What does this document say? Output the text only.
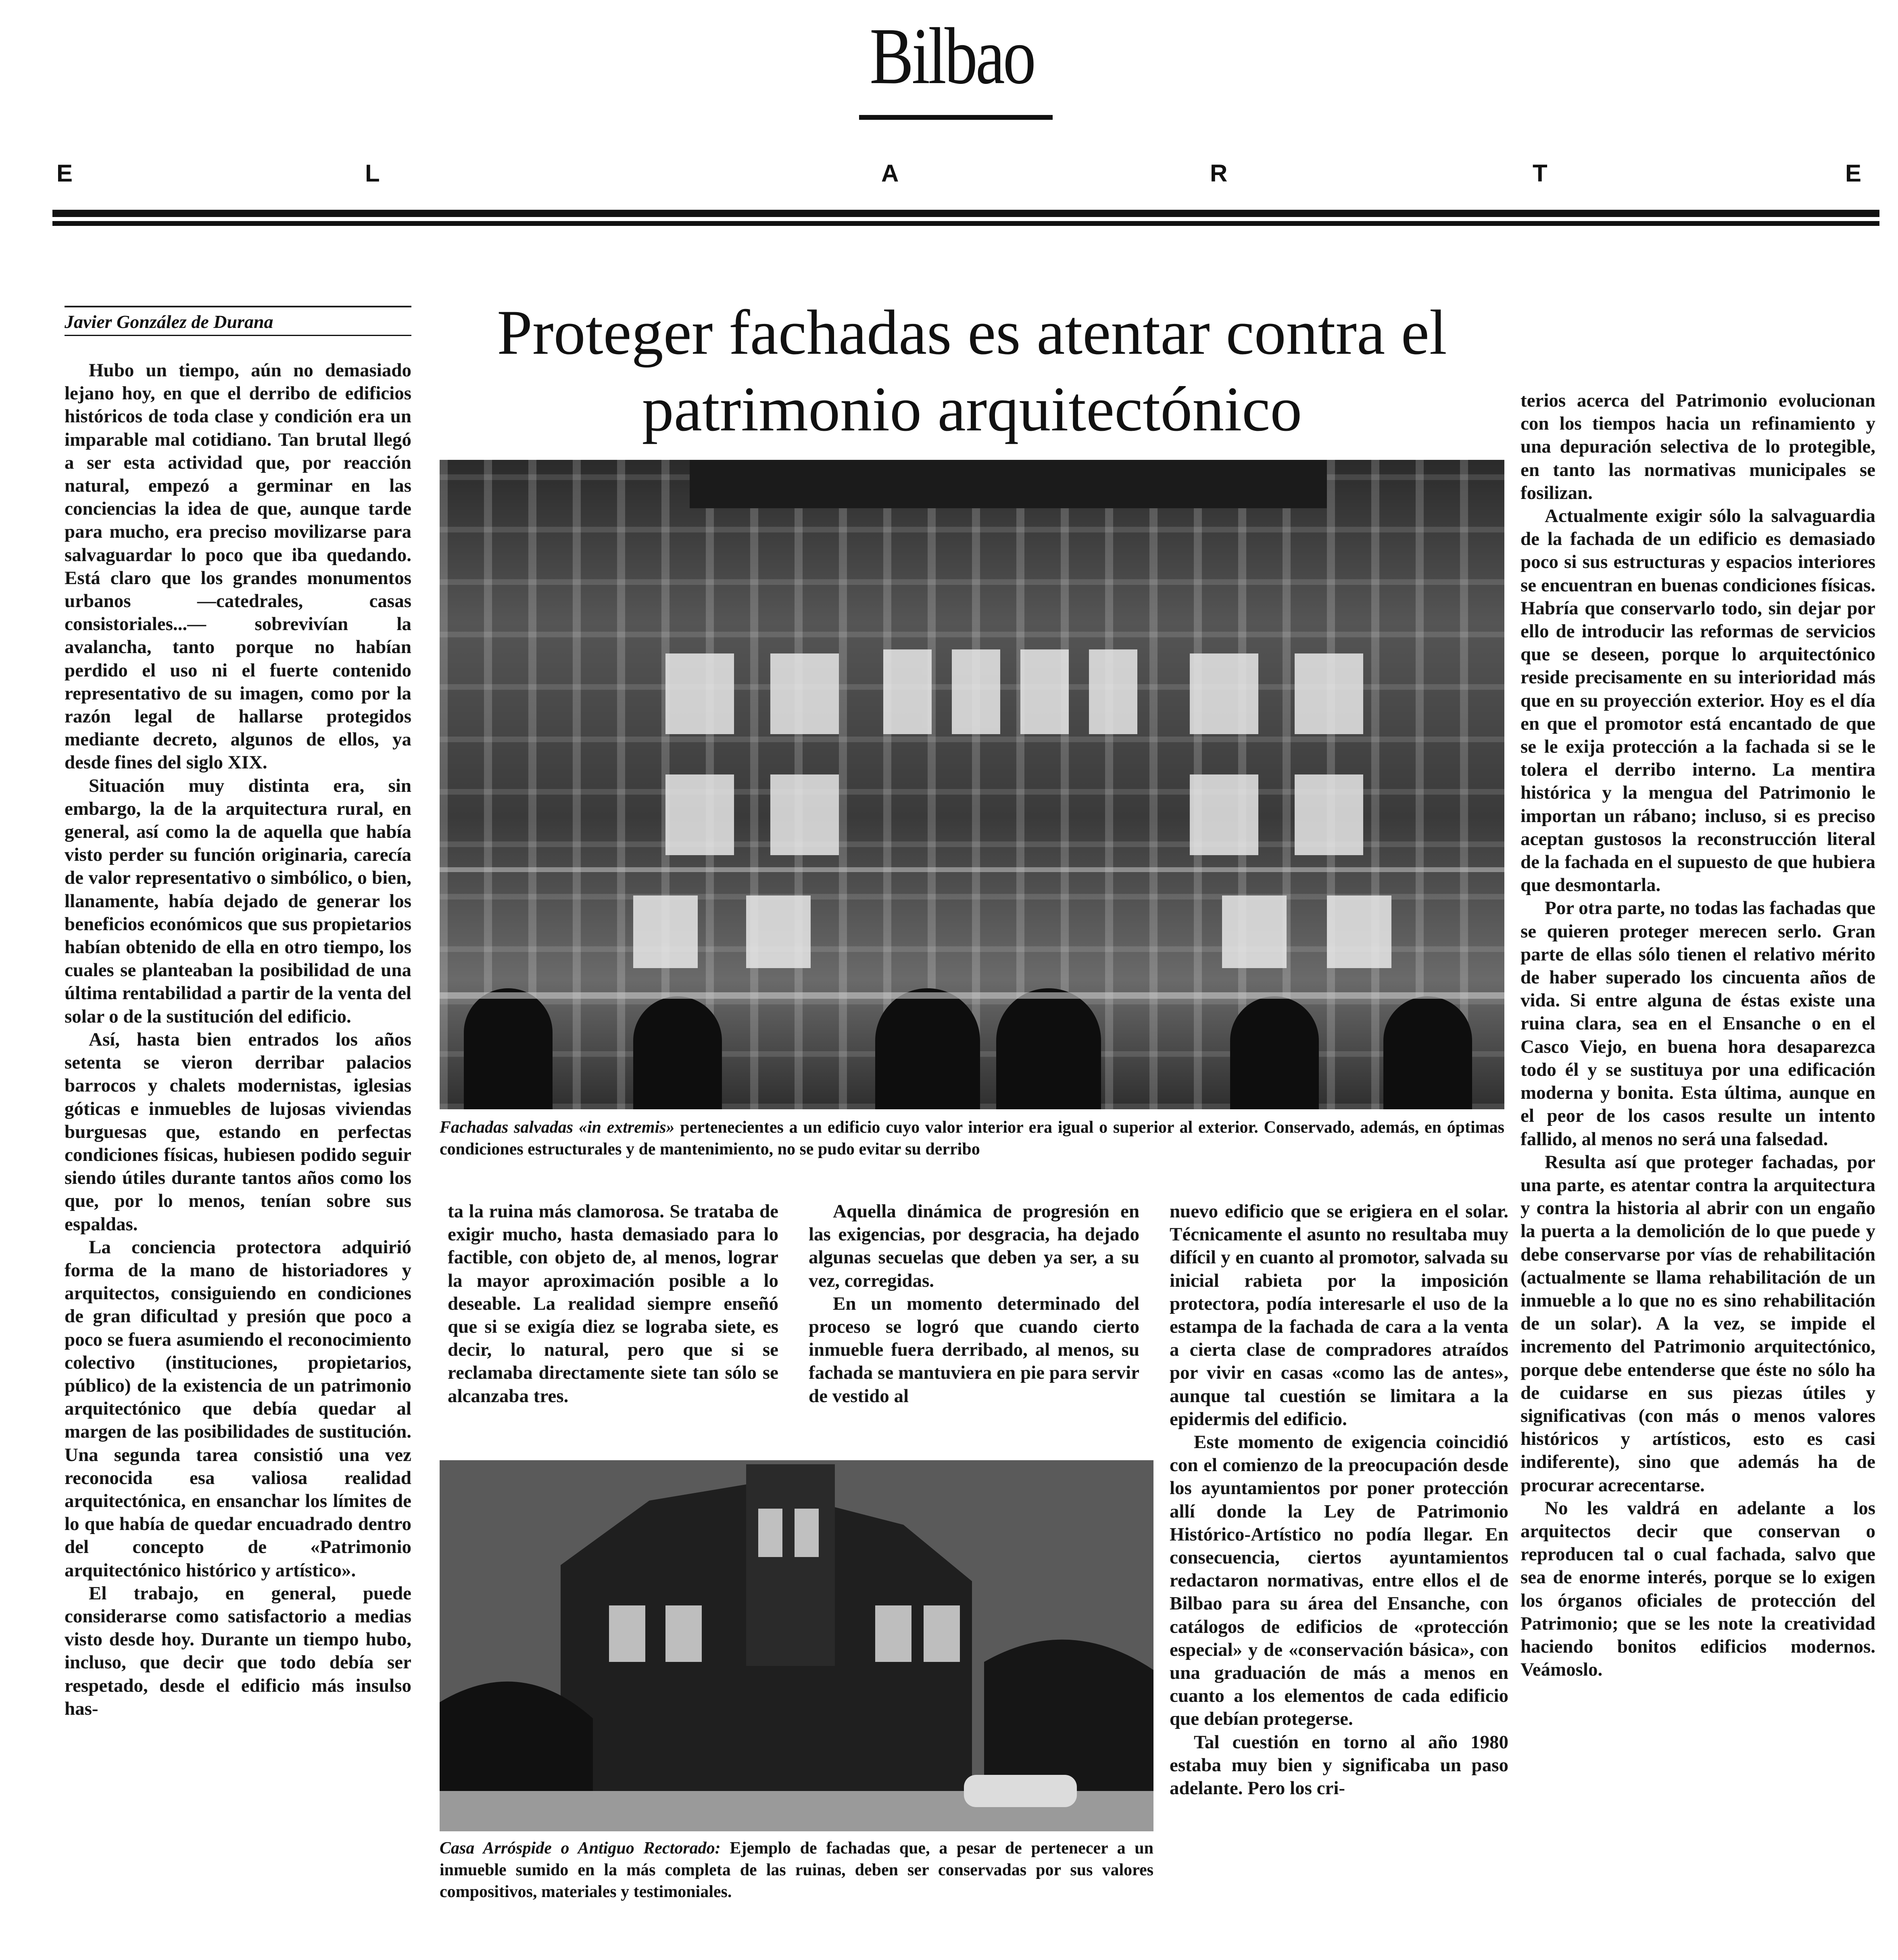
Bilbao
E	L	A	R	T	E
Javier González de Durana	Proteger fachadas es atentar contra el patrimonio arquitectónico

Hubo un tiempo, aún no demasiado lejano hoy, en que el derribo de edificios históricos de toda clase y condición era un imparable mal cotidiano. Tan brutal llegó a ser esta actividad que, por reacción natural, empezó a germinar en las conciencias la idea de que, aunque tarde para mucho, era preciso movilizarse para salvaguardar lo poco que iba quedando. Está claro que los grandes monumentos urbanos —catedrales, casas consistoriales...— sobrevivían la avalancha, tanto porque no habían perdido el uso ni el fuerte contenido representativo de su imagen, como por la razón legal de hallarse protegidos mediante decreto, algunos de ellos, ya desde fines del siglo XIX.

Situación muy distinta era, sin embargo, la de la arquitectura rural, en general, así como la de aquella que había visto perder su función originaria, carecía de valor representativo o simbólico, o bien, llanamente, había dejado de generar los beneficios económicos que sus propietarios habían obtenido de ella en otro tiempo, los cuales se planteaban la posibilidad de una última rentabilidad a partir de la venta del solar o de la sustitución del edificio.

Así, hasta bien entrados los años setenta se vieron derribar palacios barrocos y chalets modernistas, iglesias góticas e inmuebles de lujosas viviendas burguesas que, estando en perfectas condiciones físicas, hubiesen podido seguir siendo útiles durante tantos años como los que, por lo menos, tenían sobre sus espaldas.

La conciencia protectora adquirió forma de la mano de historiadores y arquitectos, consiguiendo en condiciones de gran dificultad y presión que poco a poco se fuera asumiendo el reconocimiento colectivo (instituciones, propietarios, público) de la existencia de un patrimonio arquitectónico que debía quedar al margen de las posibilidades de sustitución. Una segunda tarea consistió una vez reconocida esa valiosa realidad arquitectónica, en ensanchar los límites de lo que había de quedar encuadrado dentro del concepto de «Patrimonio arquitectónico histórico y artístico».

El trabajo, en general, puede considerarse como satisfactorio a medias visto desde hoy. Durante un tiempo hubo, incluso, que decir que todo debía ser respetado, desde el edificio más insulso has-

Fachadas salvadas «in extremis» pertenecientes a un edificio cuyo valor interior era igual o superior al exterior. Conservado, además, en óptimas condiciones estructurales y de mantenimiento, no se pudo evitar su derribo

ta la ruina más clamorosa. Se trataba de exigir mucho, hasta demasiado para lo factible, con objeto de, al menos, lograr la mayor aproximación posible a lo deseable. La realidad siempre enseñó que si se exigía diez se lograba siete, es decir, lo natural, pero que si se reclamaba directamente siete tan sólo se alcanzaba tres.

Aquella dinámica de progresión en las exigencias, por desgracia, ha dejado algunas secuelas que deben ya ser, a su vez, corregidas.

En un momento determinado del proceso se logró que cuando cierto inmueble fuera derribado, al menos, su fachada se mantuviera en pie para servir de vestido al

Casa Arróspide o Antiguo Rectorado: Ejemplo de fachadas que, a pesar de pertenecer a un inmueble sumido en la más completa de las ruinas, deben ser conservadas por sus valores compositivos, materiales y testimoniales.

nuevo edificio que se erigiera en el solar. Técnicamente el asunto no resultaba muy difícil y en cuanto al promotor, salvada su inicial rabieta por la imposición protectora, podía interesarle el uso de la estampa de la fachada de cara a la venta a cierta clase de compradores atraídos por vivir en casas «como las de antes», aunque tal cuestión se limitara a la epidermis del edificio.

Este momento de exigencia coincidió con el comienzo de la preocupación desde los ayuntamientos por poner protección allí donde la Ley de Patrimonio Histórico-Artístico no podía llegar. En consecuencia, ciertos ayuntamientos redactaron normativas, entre ellos el de Bilbao para su área del Ensanche, con catálogos de edificios de «protección especial» y de «conservación básica», con una graduación de más a menos en cuanto a los elementos de cada edificio que debían protegerse.

Tal cuestión en torno al año 1980 estaba muy bien y significaba un paso adelante. Pero los cri-

terios acerca del Patrimonio evolucionan con los tiempos hacia un refinamiento y una depuración selectiva de lo protegible, en tanto las normativas municipales se fosilizan.

Actualmente exigir sólo la salvaguardia de la fachada de un edificio es demasiado poco si sus estructuras y espacios interiores se encuentran en buenas condiciones físicas. Habría que conservarlo todo, sin dejar por ello de introducir las reformas de servicios que se deseen, porque lo arquitectónico reside precisamente en su interioridad más que en su proyección exterior. Hoy es el día en que el promotor está encantado de que se le exija protección a la fachada si se le tolera el derribo interno. La mentira histórica y la mengua del Patrimonio le importan un rábano; incluso, si es preciso aceptan gustosos la reconstrucción literal de la fachada en el supuesto de que hubiera que desmontarla.

Por otra parte, no todas las fachadas que se quieren proteger merecen serlo. Gran parte de ellas sólo tienen el relativo mérito de haber superado los cincuenta años de vida. Si entre alguna de éstas existe una ruina clara, sea en el Ensanche o en el Casco Viejo, en buena hora desaparezca todo él y se sustituya por una edificación moderna y bonita. Esta última, aunque en el peor de los casos resulte un intento fallido, al menos no será una falsedad.

Resulta así que proteger fachadas, por una parte, es atentar contra la arquitectura y contra la historia al abrir con un engaño la puerta a la demolición de lo que puede y debe conservarse por vías de rehabilitación (actualmente se llama rehabilitación de un inmueble a lo que no es sino rehabilitación de un solar). A la vez, se impide el incremento del Patrimonio arquitectónico, porque debe entenderse que éste no sólo ha de cuidarse en sus piezas útiles y significativas (con más o menos valores históricos y artísticos, esto es casi indiferente), sino que además ha de procurar acrecentarse.

No les valdrá en adelante a los arquitectos decir que conservan o reproducen tal o cual fachada, salvo que sea de enorme interés, porque se lo exigen los órganos oficiales de protección del Patrimonio; que se les note la creatividad haciendo bonitos edificios modernos. Veámoslo.
